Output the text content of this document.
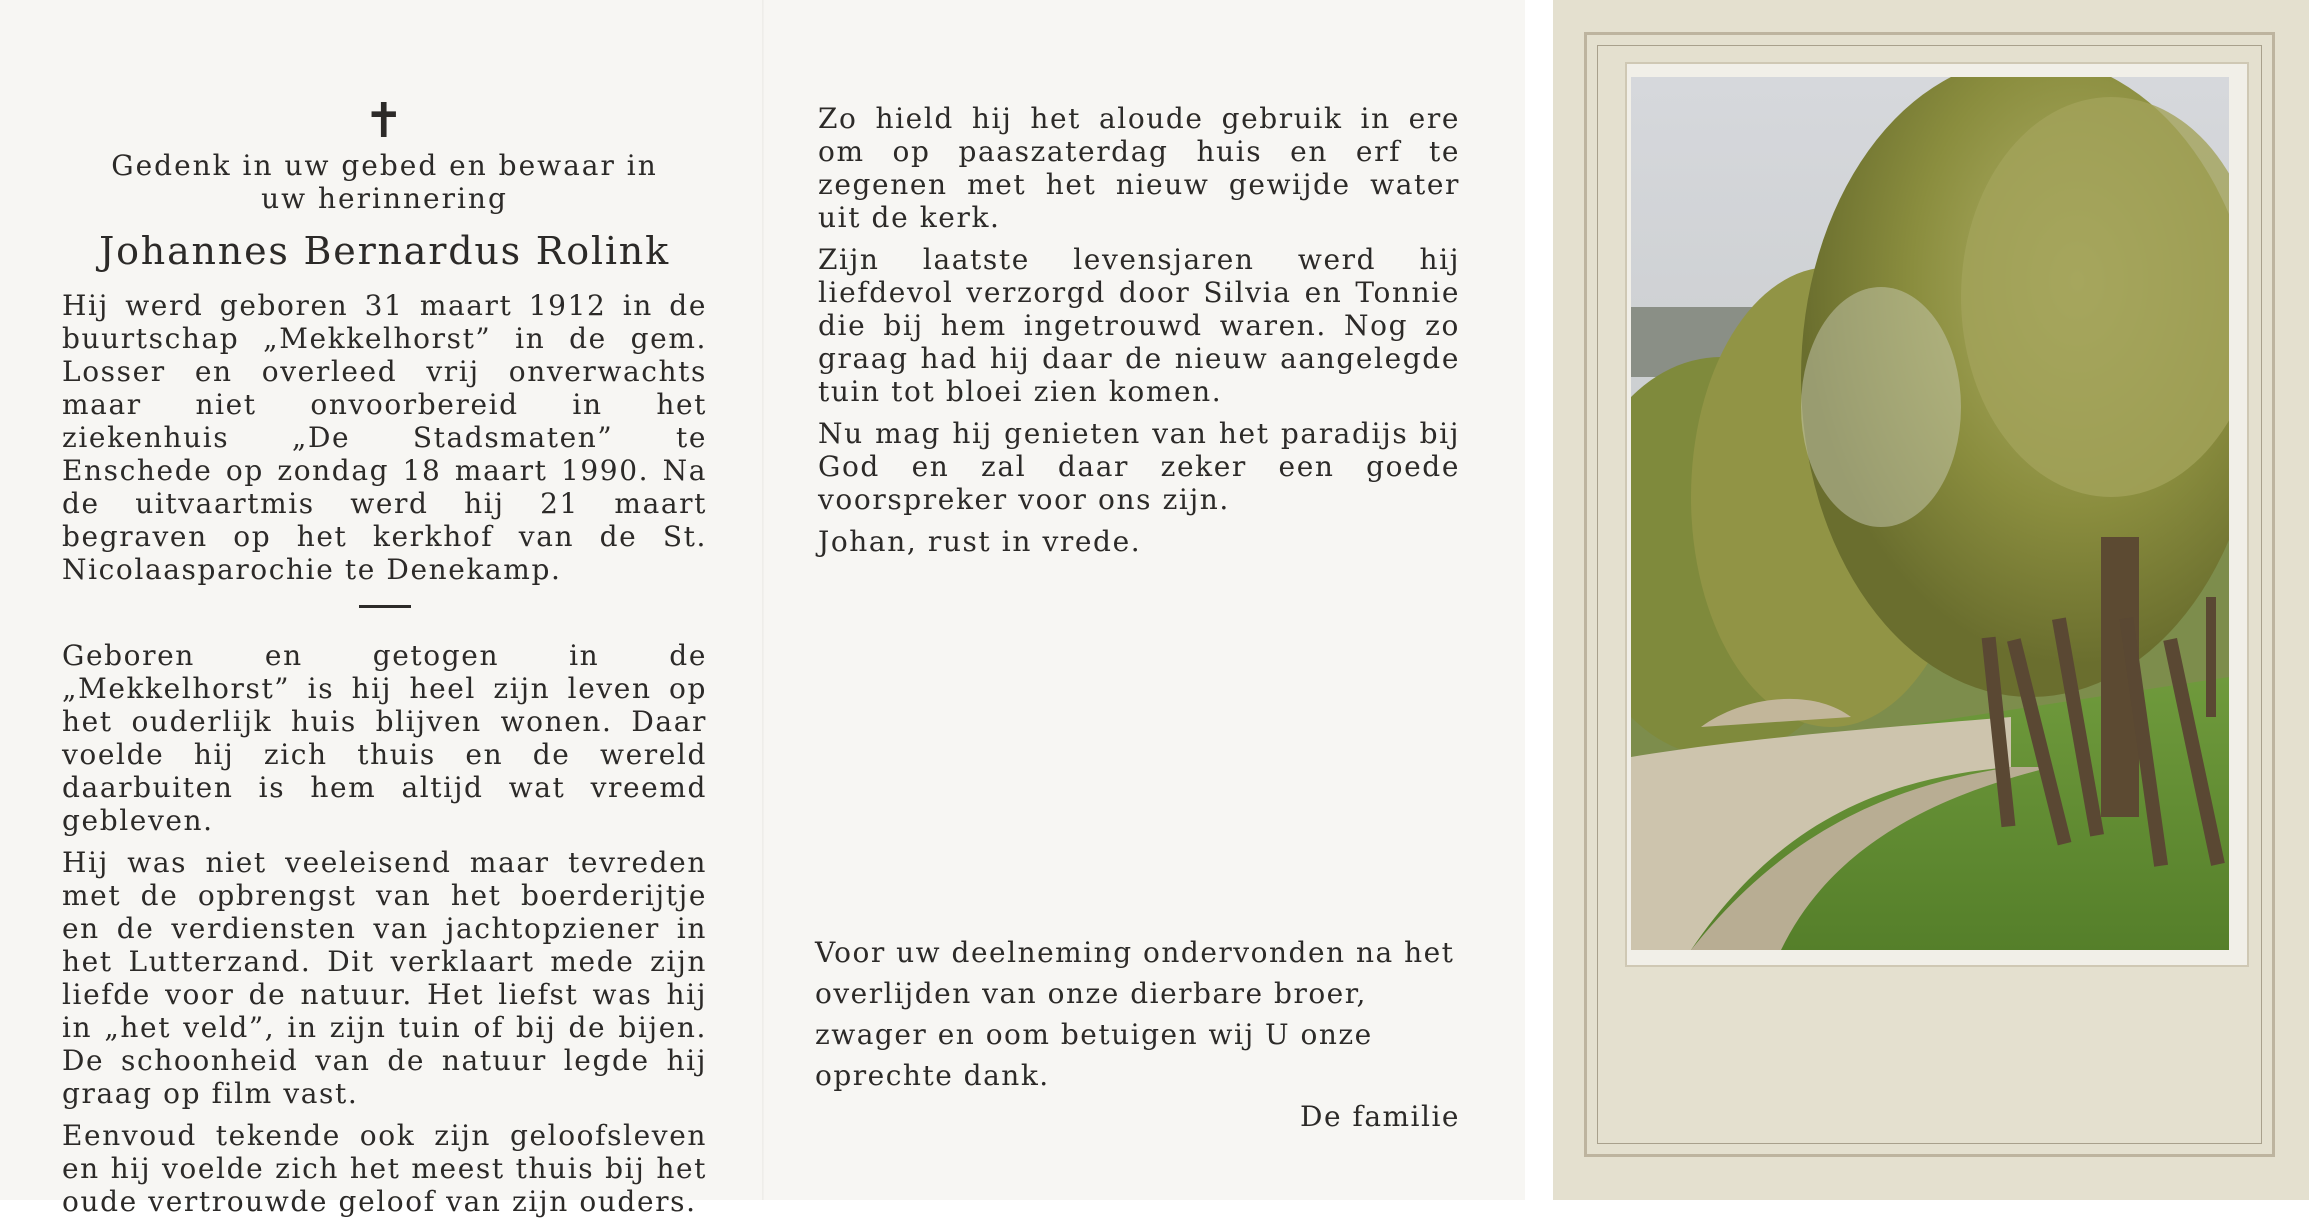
✝
Gedenk in uw gebed en bewaar in uw herinnering
Johannes Bernardus Rolink

Hij werd geboren 31 maart 1912 in de buurtschap „Mekkelhorst” in de gem. Losser en overleed vrij onverwachts maar niet onvoorbereid in het ziekenhuis „De Stadsmaten” te Enschede op zondag 18 maart 1990. Na de uitvaartmis werd hij 21 maart begraven op het kerkhof van de St. Nicolaasparochie te Denekamp.

Geboren en getogen in de „Mekkelhorst” is hij heel zijn leven op het ouderlijk huis blijven wonen. Daar voelde hij zich thuis en de wereld daarbuiten is hem altijd wat vreemd gebleven.

Hij was niet veeleisend maar tevreden met de opbrengst van het boerderijtje en de verdiensten van jachtopziener in het Lutterzand. Dit verklaart mede zijn liefde voor de natuur. Het liefst was hij in „het veld”, in zijn tuin of bij de bijen. De schoonheid van de natuur legde hij graag op film vast.

Eenvoud tekende ook zijn geloofsleven en hij voelde zich het meest thuis bij het oude vertrouwde geloof van zijn ouders.

Zo hield hij het aloude gebruik in ere om op paaszaterdag huis en erf te zegenen met het nieuw gewijde water uit de kerk.

Zijn laatste levensjaren werd hij liefdevol verzorgd door Silvia en Tonnie die bij hem ingetrouwd waren. Nog zo graag had hij daar de nieuw aangelegde tuin tot bloei zien komen.

Nu mag hij genieten van het paradijs bij God en zal daar zeker een goede voorspreker voor ons zijn.

Johan, rust in vrede.

Voor uw deelneming ondervonden na het overlijden van onze dierbare broer, zwager en oom betuigen wij U onze oprechte dank.
De familie
